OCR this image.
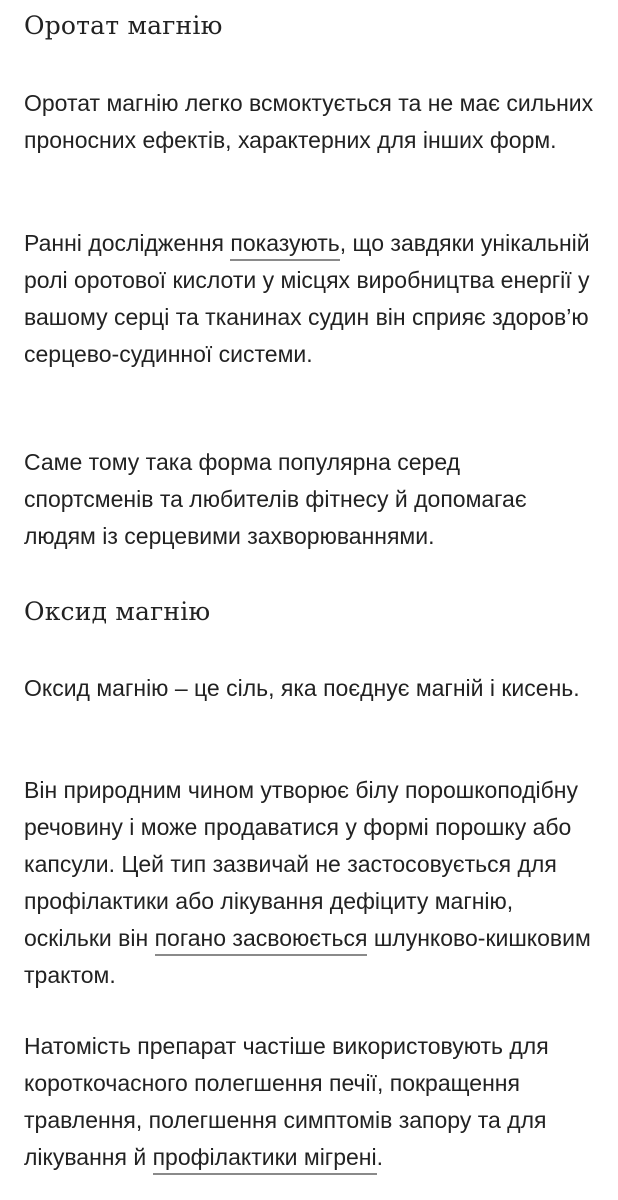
Оротат магнію

Оротат магнію легко всмоктується та не має сильних проносних ефектів, характерних для інших форм.

Ранні дослідження показують, що завдяки унікальній ролі оротової кислоти у місцях виробництва енергії у вашому серці та тканинах судин він сприяє здоров’ю серцево-судинної системи.

Саме тому така форма популярна серед спортсменів та любителів фітнесу й допомагає людям із серцевими захворюваннями.

Оксид магнію

Оксид магнію – це сіль, яка поєднує магній і кисень.

Він природним чином утворює білу порошкоподібну речовину і може продаватися у формі порошку або капсули. Цей тип зазвичай не застосовується для профілактики або лікування дефіциту магнію, оскільки він погано засвоюється шлунково-кишковим трактом.

Натомість препарат частіше використовують для короткочасного полегшення печії, покращення травлення, полегшення симптомів запору та для лікування й профілактики мігрені.
